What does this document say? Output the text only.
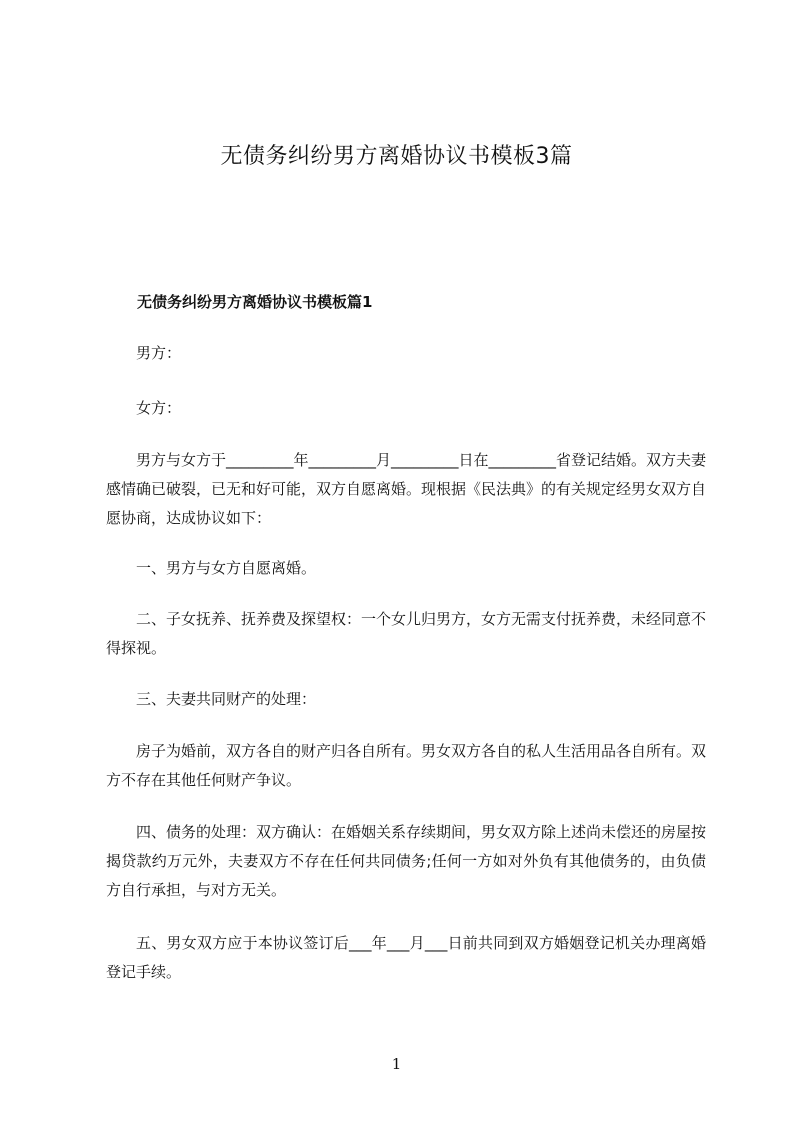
无债务纠纷男方离婚协议书模板3篇
无债务纠纷男方离婚协议书模板篇1

男方：

女方：

男方与女方于_________年_________月_________日在_________省登记结婚。双方夫妻感情确已破裂，已无和好可能，双方自愿离婚。现根据《民法典》的有关规定经男女双方自愿协商，达成协议如下：

一、男方与女方自愿离婚。

二、子女抚养、抚养费及探望权：一个女儿归男方，女方无需支付抚养费，未经同意不得探视。

三、夫妻共同财产的处理：

房子为婚前，双方各自的财产归各自所有。男女双方各自的私人生活用品各自所有。双方不存在其他任何财产争议。

四、债务的处理：双方确认：在婚姻关系存续期间，男女双方除上述尚未偿还的房屋按揭贷款约万元外，夫妻双方不存在任何共同债务;任何一方如对外负有其他债务的，由负债方自行承担，与对方无关。

五、男女双方应于本协议签订后___年___月___日前共同到双方婚姻登记机关办理离婚登记手续。

1
